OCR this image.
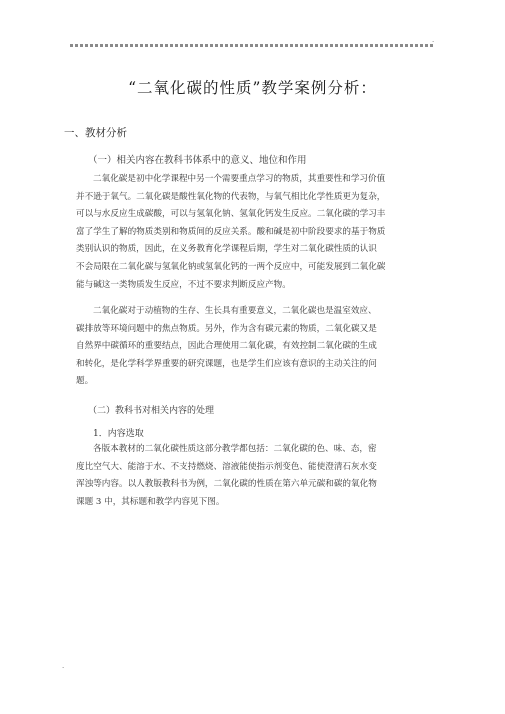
.
“二氧化碳的性质”教学案例分析：
一、教材分析
（一）相关内容在教科书体系中的意义、地位和作用
二氧化碳是初中化学课程中另一个需要重点学习的物质，其重要性和学习价值
并不逊于氧气。二氧化碳是酸性氧化物的代表物，与氧气相比化学性质更为复杂，
可以与水反应生成碳酸，可以与氢氧化钠、氢氧化钙发生反应。二氧化碳的学习丰
富了学生了解的物质类别和物质间的反应关系。酸和碱是初中阶段要求的基于物质
类别认识的物质，因此，在义务教育化学课程后期，学生对二氧化碳性质的认识
不会局限在二氧化碳与氢氧化钠或氢氧化钙的一两个反应中，可能发展到二氧化碳
能与碱这一类物质发生反应，不过不要求判断反应产物。
二氧化碳对于动植物的生存、生长具有重要意义，二氧化碳也是温室效应、
碳排放等环境问题中的焦点物质。另外，作为含有碳元素的物质，二氧化碳又是
自然界中碳循环的重要结点，因此合理使用二氧化碳，有效控制二氧化碳的生成
和转化，是化学科学界重要的研究课题，也是学生们应该有意识的主动关注的问
题。
（二）教科书对相关内容的处理
1．内容选取
各版本教材的二氧化碳性质这部分教学都包括：二氧化碳的色、味、态，密
度比空气大、能溶于水、不支持燃烧、溶液能使指示剂变色、能使澄清石灰水变
浑浊等内容。以人教版教科书为例，二氧化碳的性质在第六单元碳和碳的氧化物
课题 3 中，其标题和教学内容见下图。
.
